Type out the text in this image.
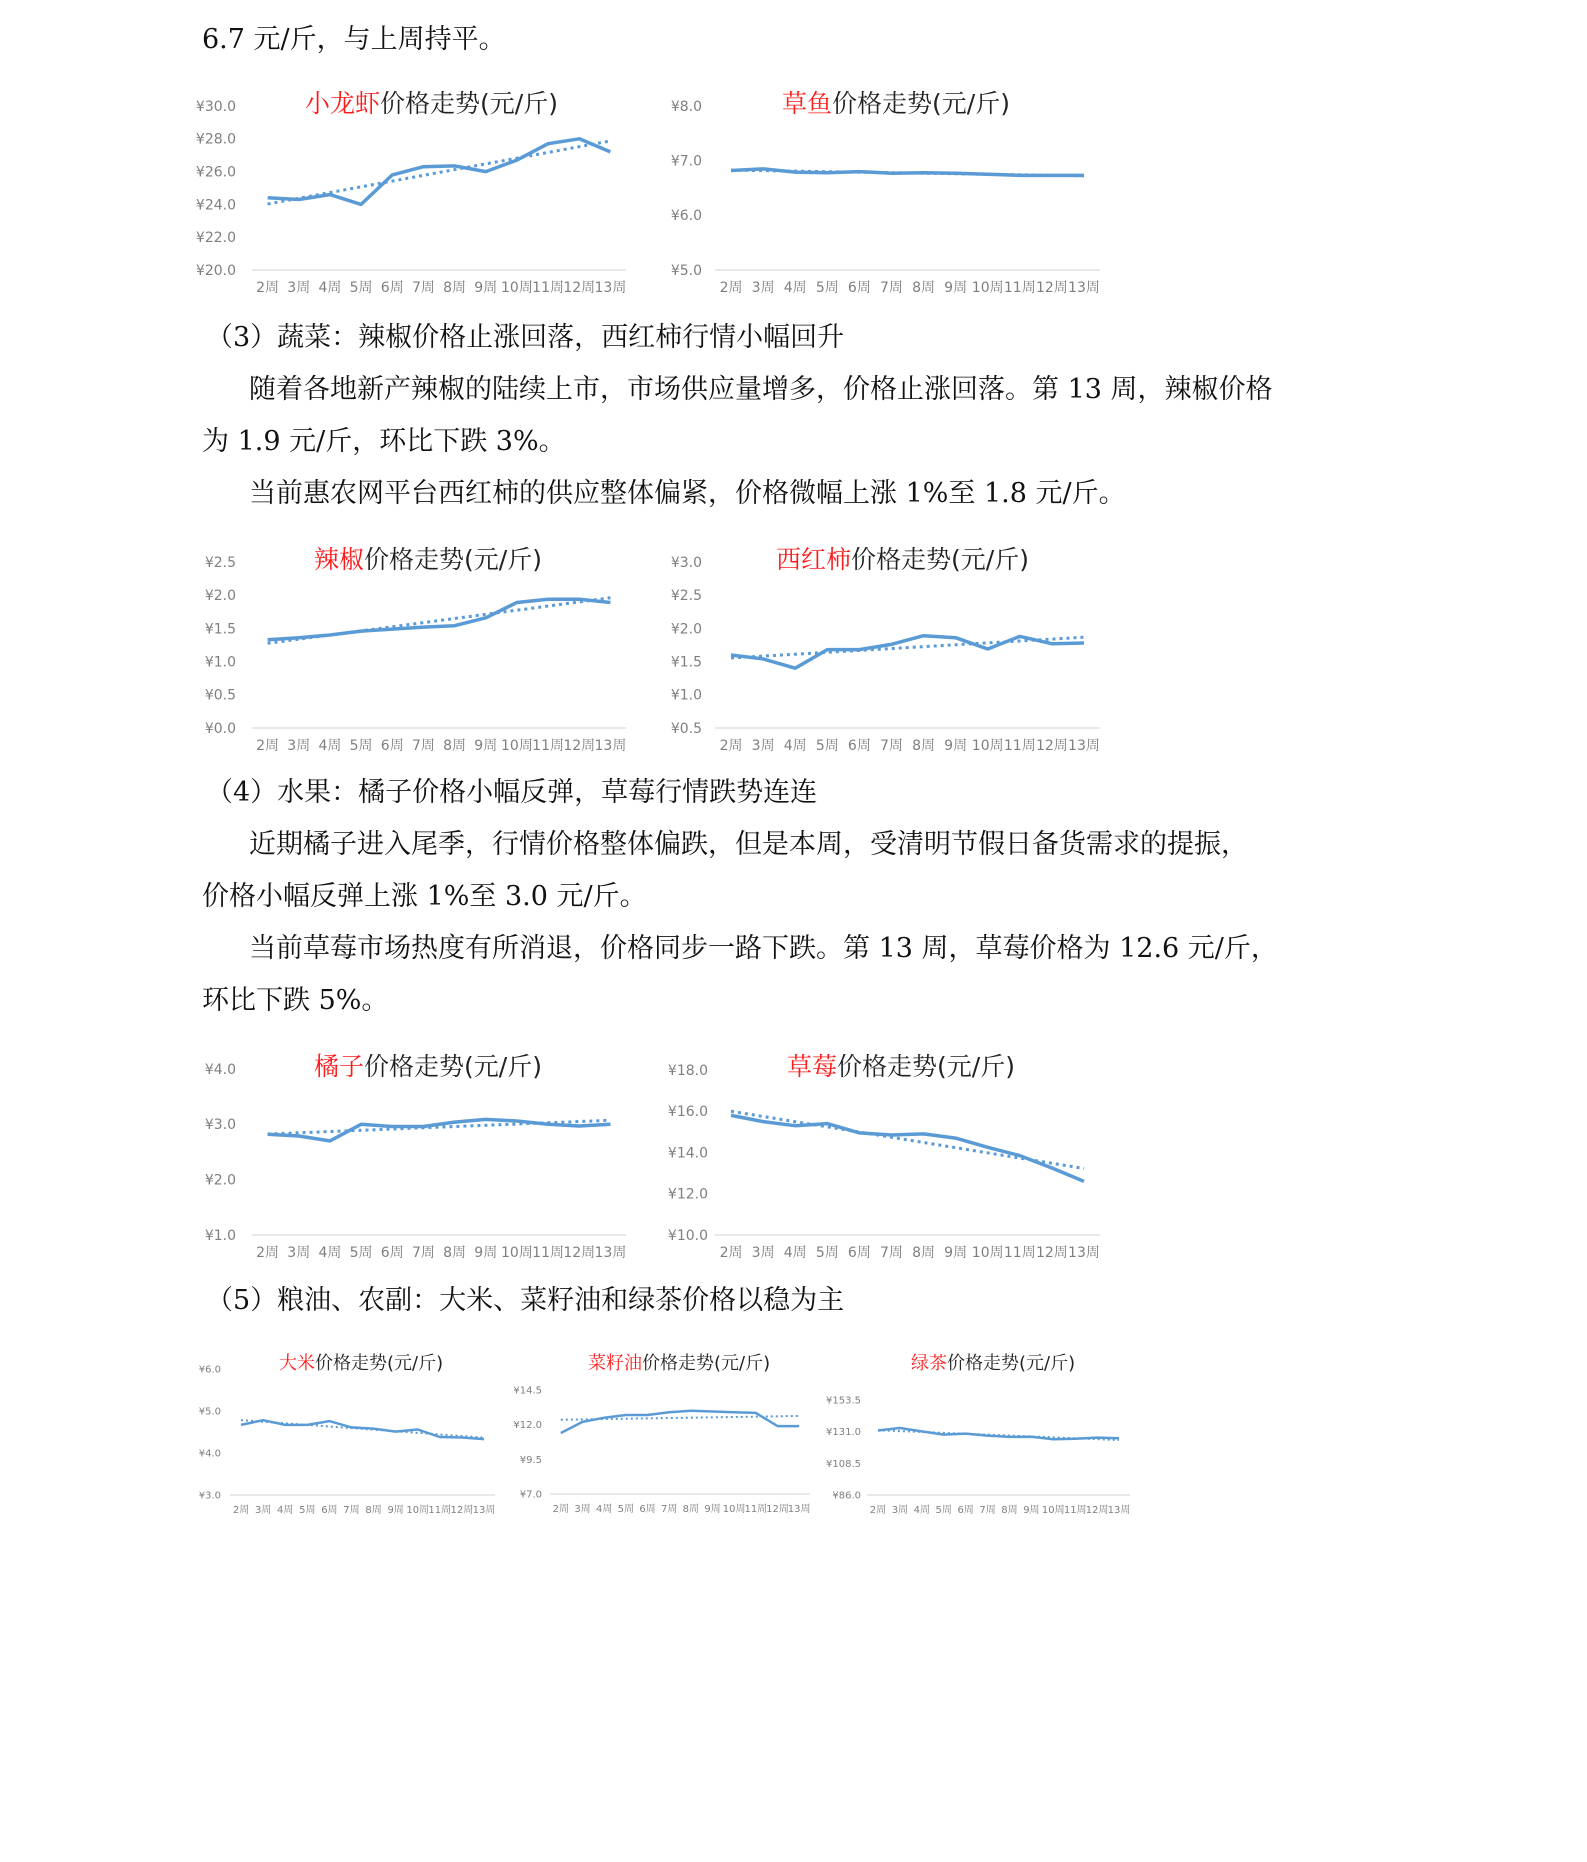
6.7 元/斤，与上周持平。
小龙虾价格走势(元/斤)
¥20.0
¥22.0
¥24.0
¥26.0
¥28.0
¥30.0
2周 3周 4周 5周 6周 7周 8周 9周 10周 11周 12周 13周
草鱼价格走势(元/斤)
¥5.0
¥6.0
¥7.0
¥8.0
2周 3周 4周 5周 6周 7周 8周 9周 10周 11周 12周 13周
（3）蔬菜：辣椒价格止涨回落，西红柿行情小幅回升
随着各地新产辣椒的陆续上市，市场供应量增多，价格止涨回落。第 13 周，辣椒价格
为 1.9 元/斤，环比下跌 3%。
当前惠农网平台西红柿的供应整体偏紧，价格微幅上涨 1%至 1.8 元/斤。
辣椒价格走势(元/斤)
¥0.0
¥0.5
¥1.0
¥1.5
¥2.0
¥2.5
2周 3周 4周 5周 6周 7周 8周 9周 10周 11周 12周 13周
西红柿价格走势(元/斤)
¥0.5
¥1.0
¥1.5
¥2.0
¥2.5
¥3.0
2周 3周 4周 5周 6周 7周 8周 9周 10周 11周 12周 13周
（4）水果：橘子价格小幅反弹，草莓行情跌势连连
近期橘子进入尾季，行情价格整体偏跌，但是本周，受清明节假日备货需求的提振，
价格小幅反弹上涨 1%至 3.0 元/斤。
当前草莓市场热度有所消退，价格同步一路下跌。第 13 周，草莓价格为 12.6 元/斤，
环比下跌 5%。
橘子价格走势(元/斤)
¥1.0
¥2.0
¥3.0
¥4.0
2周 3周 4周 5周 6周 7周 8周 9周 10周 11周 12周 13周
草莓价格走势(元/斤)
¥10.0
¥12.0
¥14.0
¥16.0
¥18.0
2周 3周 4周 5周 6周 7周 8周 9周 10周 11周 12周 13周
（5）粮油、农副：大米、菜籽油和绿茶价格以稳为主
大米价格走势(元/斤)
¥3.0
¥4.0
¥5.0
¥6.0
2周 3周 4周 5周 6周 7周 8周 9周 10周 11周 12周 13周
菜籽油价格走势(元/斤)
¥7.0
¥9.5
¥12.0
¥14.5
2周 3周 4周 5周 6周 7周 8周 9周 10周
11周
12周
13周
绿茶价格走势(元/斤)
¥86.0
¥108.5
¥131.0
¥153.5
2周 3周 4周 5周 6周 7周 8周 9周 10周 11周 12周 13周
